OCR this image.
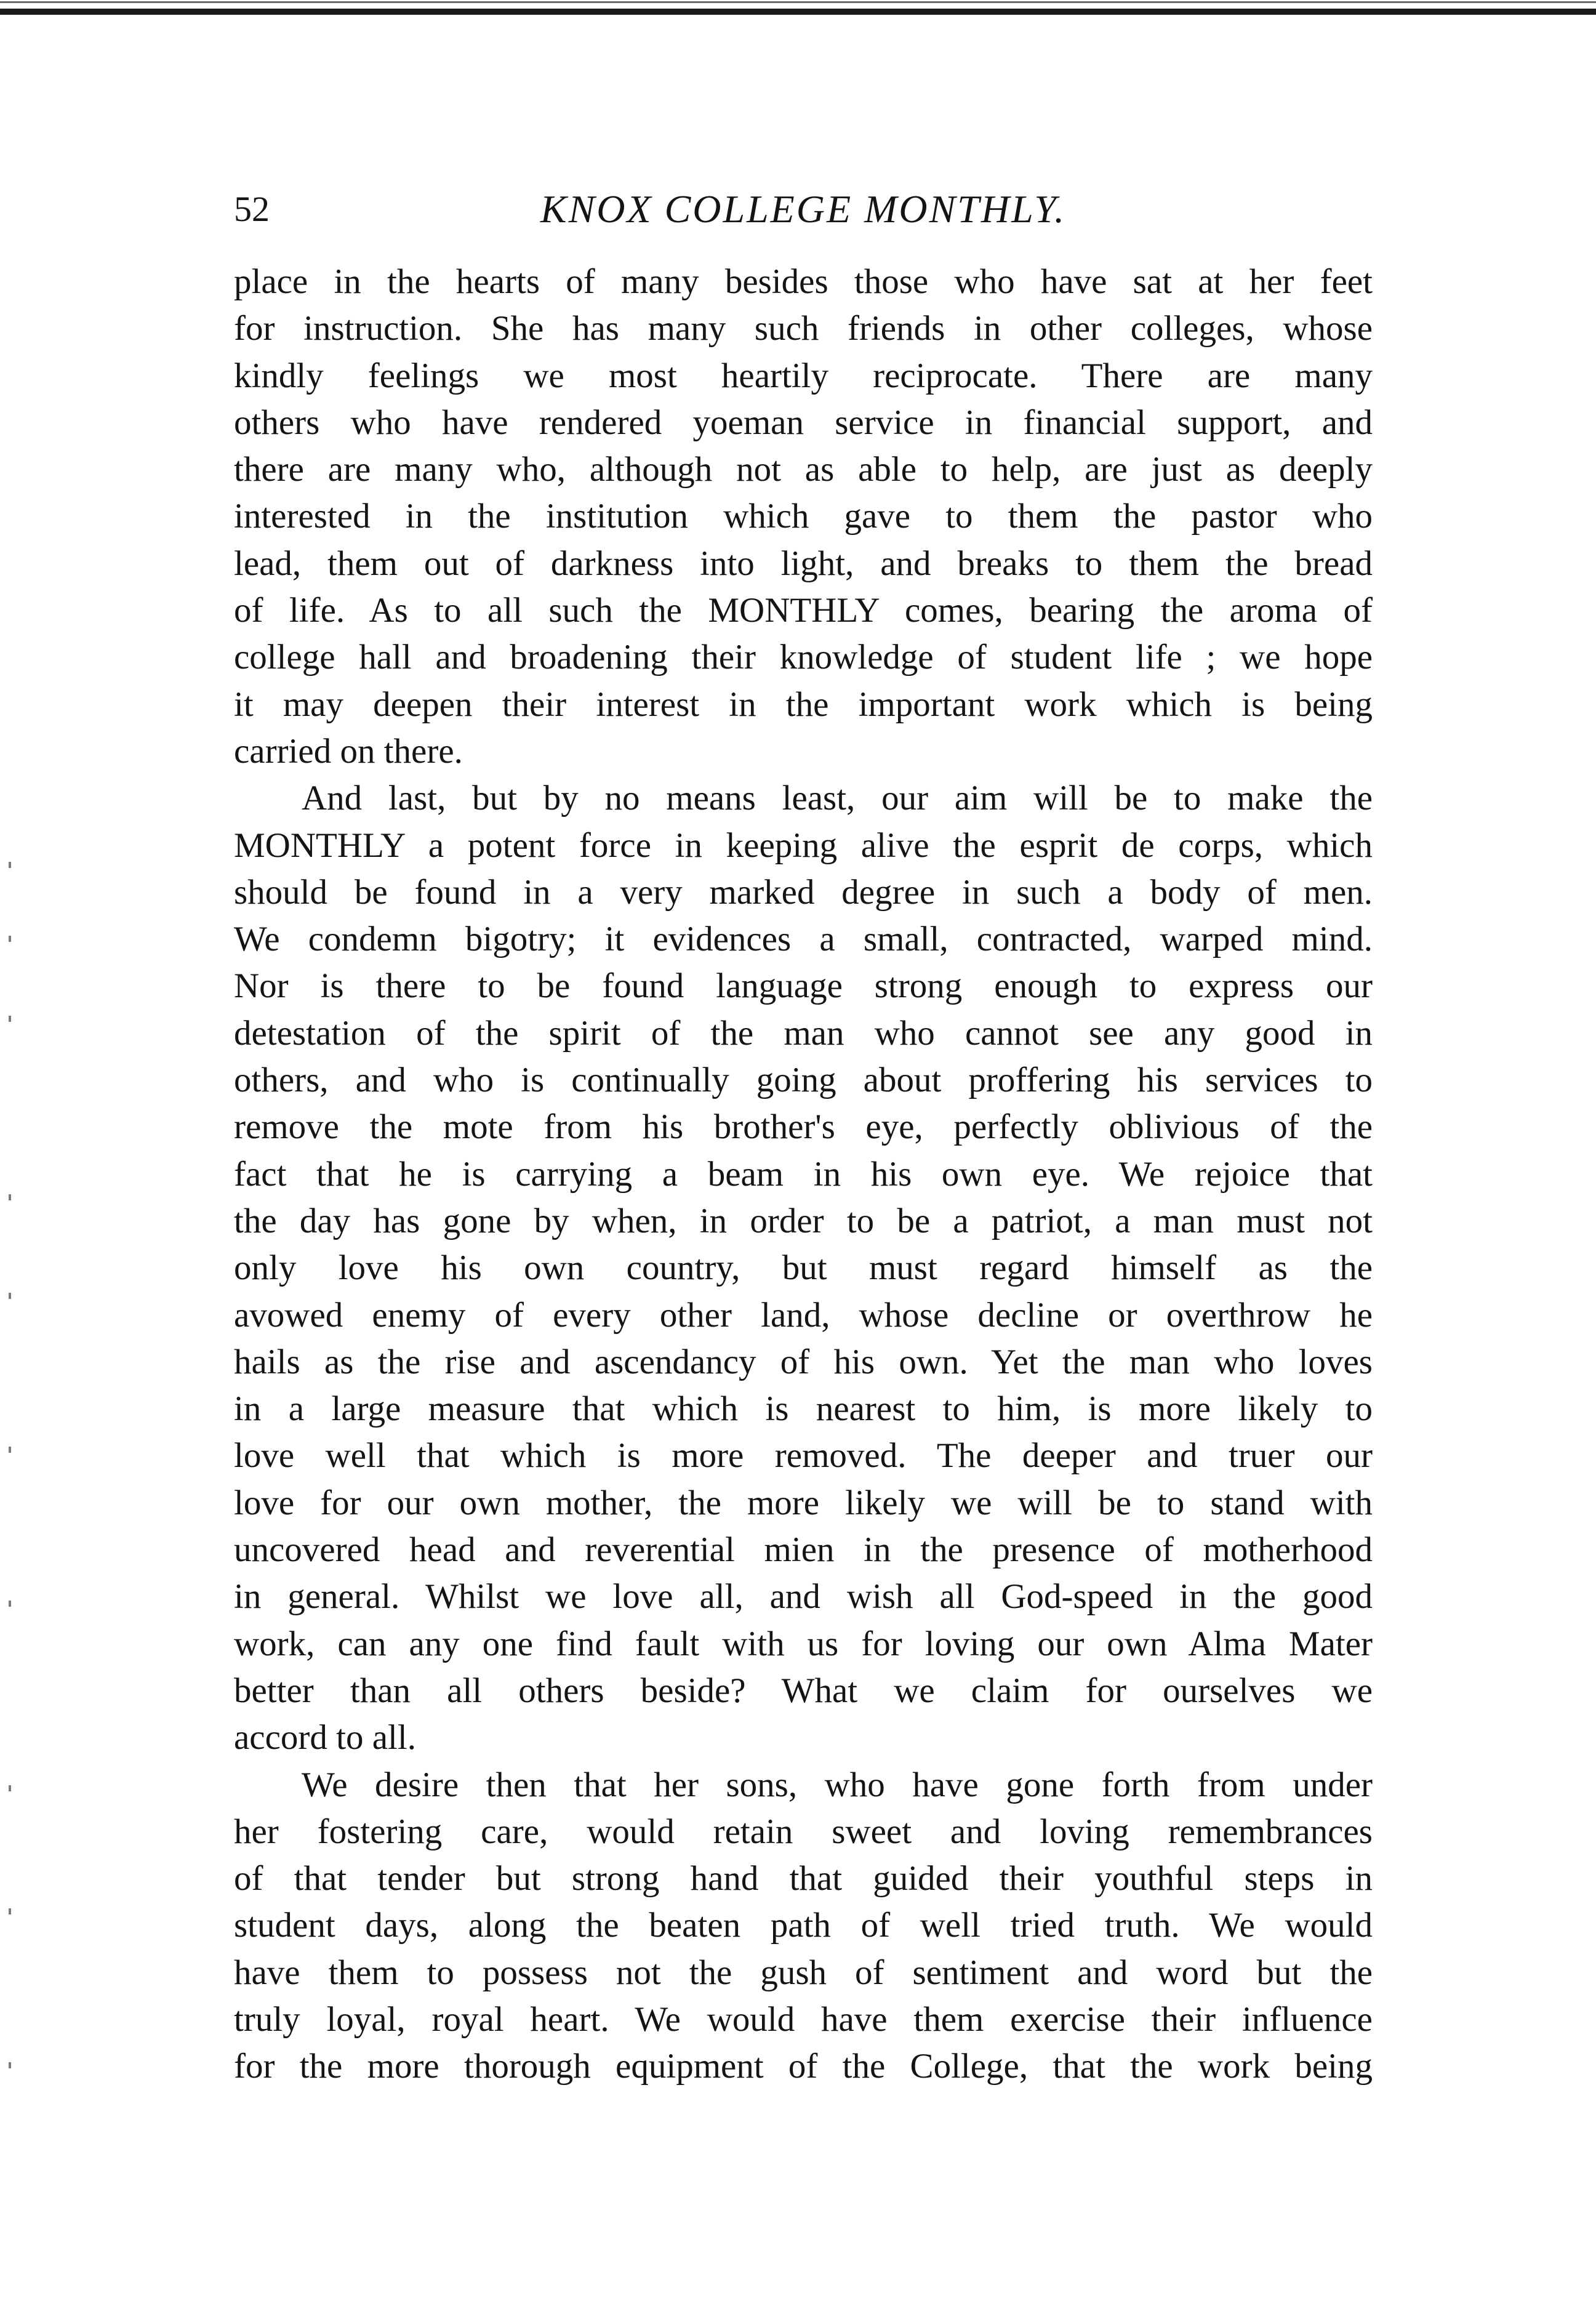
52	KNOX COLLEGE MONTHLY.
place in the hearts of many besides those who have sat at her feet
for instruction. She has many such friends in other colleges, whose
kindly feelings we most heartily reciprocate. There are many
others who have rendered yoeman service in financial support, and
there are many who, although not as able to help, are just as deeply
interested in the institution which gave to them the pastor who
lead, them out of darkness into light, and breaks to them the bread
of life. As to all such the MONTHLY comes, bearing the aroma of
college hall and broadening their knowledge of student life ; we hope
it may deepen their interest in the important work which is being
carried on there.
And last, but by no means least, our aim will be to make the
MONTHLY a potent force in keeping alive the esprit de corps, which
should be found in a very marked degree in such a body of men.
We condemn bigotry; it evidences a small, contracted, warped mind.
Nor is there to be found language strong enough to express our
detestation of the spirit of the man who cannot see any good in
others, and who is continually going about proffering his services to
remove the mote from his brother's eye, perfectly oblivious of the
fact that he is carrying a beam in his own eye. We rejoice that
the day has gone by when, in order to be a patriot, a man must not
only love his own country, but must regard himself as the
avowed enemy of every other land, whose decline or overthrow he
hails as the rise and ascendancy of his own. Yet the man who loves
in a large measure that which is nearest to him, is more likely to
love well that which is more removed. The deeper and truer our
love for our own mother, the more likely we will be to stand with
uncovered head and reverential mien in the presence of motherhood
in general. Whilst we love all, and wish all God-speed in the good
work, can any one find fault with us for loving our own Alma Mater
better than all others beside? What we claim for ourselves we
accord to all.
We desire then that her sons, who have gone forth from under
her fostering care, would retain sweet and loving remembrances
of that tender but strong hand that guided their youthful steps in
student days, along the beaten path of well tried truth. We would
have them to possess not the gush of sentiment and word but the
truly loyal, royal heart. We would have them exercise their influence
for the more thorough equipment of the College, that the work being
